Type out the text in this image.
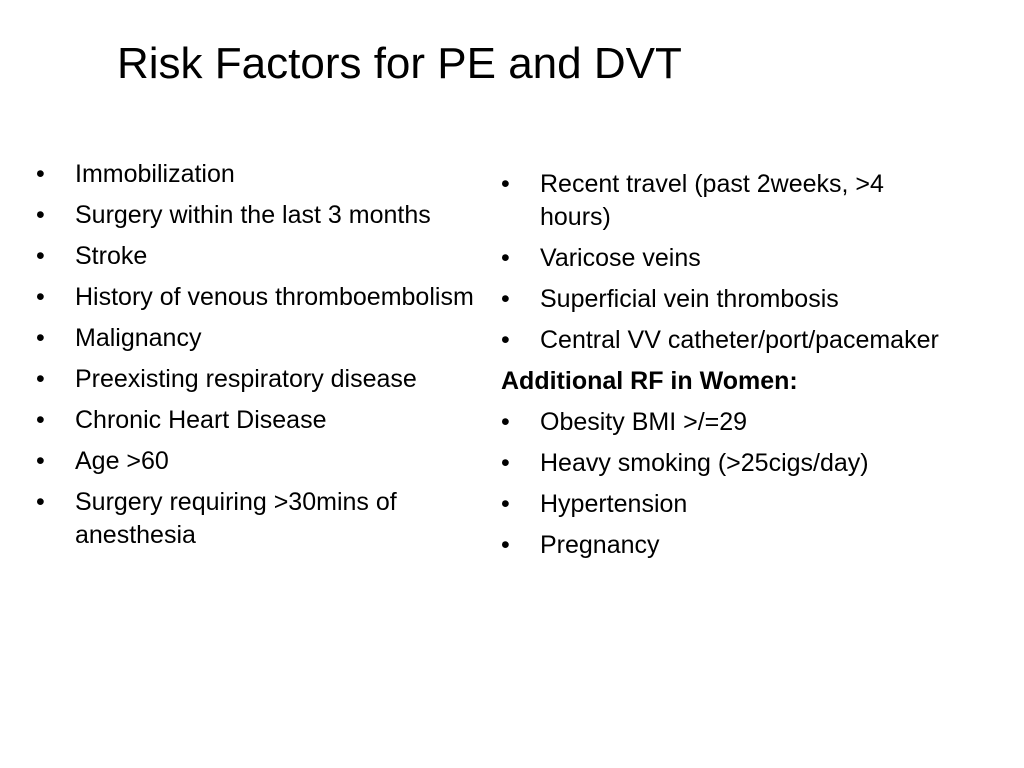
Risk Factors for PE and DVT
•	Immobilization
•	Surgery within the last 3 months
•	Stroke
•	History of venous thromboembolism
•	Malignancy
•	Preexisting respiratory disease
•	Chronic Heart Disease
•	Age >60
•	Surgery requiring >30mins of anesthesia
•	Recent travel (past 2weeks, >4 hours)
•	Varicose veins
•	Superficial vein thrombosis
•	Central VV catheter/port/pacemaker
Additional RF in Women:
•	Obesity BMI >/=29
•	Heavy smoking (>25cigs/day)
•	Hypertension
•	Pregnancy
